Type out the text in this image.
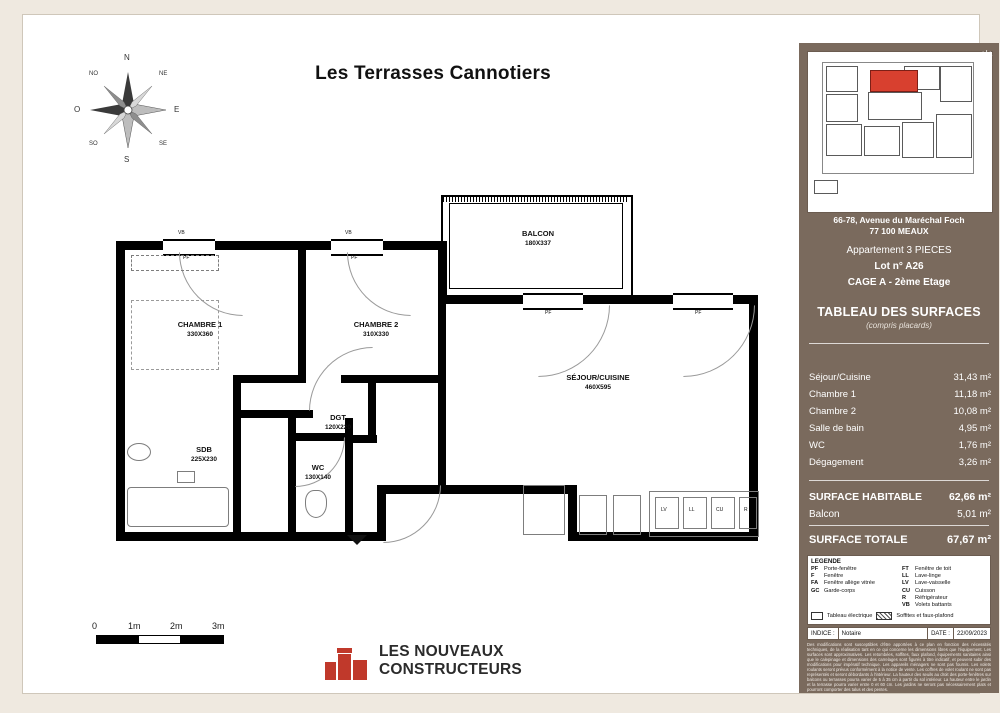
Les Terrasses Cannotiers
N
S
E
O
NO	NE
SO	SE
BALCON
180X337
VB	VB
PF	PF
PF	PF
CHAMBRE 1
330X360
CHAMBRE 2
310X330
SÉJOUR/CUISINE
460X595
DGT
120X220
SDB
225X230
WC
130X140
LV	LL	CU	R
0	1m	2m	3m
LES NOUVEAUX
CONSTRUCTEURS
✳
66-78, Avenue du Maréchal Foch
77 100 MEAUX
Appartement 3 PIECES
Lot n° A26
CAGE A - 2ème Etage
TABLEAU DES SURFACES
(compris placards)
Séjour/Cuisine	31,43 m²
Chambre 1	11,18 m²
Chambre 2	10,08 m²
Salle de bain	4,95 m²
WC	1,76 m²
Dégagement	3,26 m²
SURFACE HABITABLE	62,66 m²
Balcon	5,01 m²
SURFACE TOTALE	67,67 m²
LEGENDE
PF	Porte-fenêtre
F	Fenêtre
FA	Fenêtre allège vitrée
GC Garde-corps
FT	Fenêtre de toit
LL	Lave-linge
LV	Lave-vaisselle
CU Cuisson
R	Réfrigérateur
VB Volets battants
Tableau électrique	Soffites et faux-plafond
INDICE :	Notaire	DATE :	22/09/2023
Des modifications sont susceptibles d'être apportées à ce plan en fonction des nécessités techniques, de la réalisation tant en ce qui concerne les dimensions libres que l'équipement. Les surfaces sont approximatives. Les retombées, soffites, faux plafond, équipements sanitaires ainsi que le calepinage et dimensions des carrelages sont figurés à titre indicatif, et peuvent subir des modifications pour impératif technique. Les appareils ménagers ne sont pas fournis. Les volets roulants seront prévus conformément à la notice de vente. Les coffres de volet roulant ne sont pas représentés et seront débordants à l'intérieur. La hauteur des seuils au droit des porte-fenêtres sur balcons ou terrasses pourra varier de 5 à 35 cm à partir du sol intérieur. La hauteur entre le jardin et la terrasse pourra varier entre 0 et 60 cm. Les jardins ne seront pas nécessairement plats et pourront comporter des talus et des pentes.
